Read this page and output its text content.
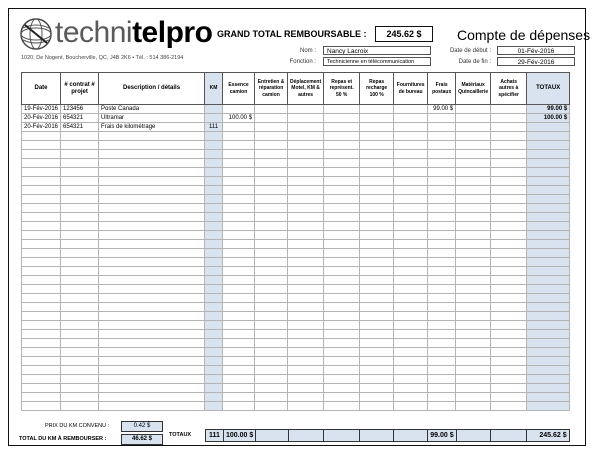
technitelpro
1020, De Nogent, Boucherville, QC, J4B 2K6 • Tél. : 514 386-2194
GRAND TOTAL REMBOURSABLE :	245.62 $	Compte de dépenses
Nom :	Nancy Lacroix
Fonction :	Technicienne en télécommunication
Date de début :	01-Fév-2016
Date de fin :	29-Fév-2016
Date	# contrat # projet	Description / détails	KM	Essence camion	Entretien & réparation camion	Déplacement Motel, KM & autres	Repas et représent. 50 %	Repas recharge 100 %	Fournitures de bureau	Frais postaux	Matériaux Quincaillerie	Achats autres à spécifier	TOTAUX
19-Fév-2016	123456	Poste Canada								99.00 $			99.00 $
20-Fév-2016	654321	Ultramar		100.00 $									100.00 $
20-Fév-2016	654321	Frais de kilométrage	111										

PRIX DU KM CONVENU :	0.42 $
TOTAL DU KM À REMBOURSER :	46.62 $
TOTAUX	111	100.00 $						99.00 $			245.62 $
